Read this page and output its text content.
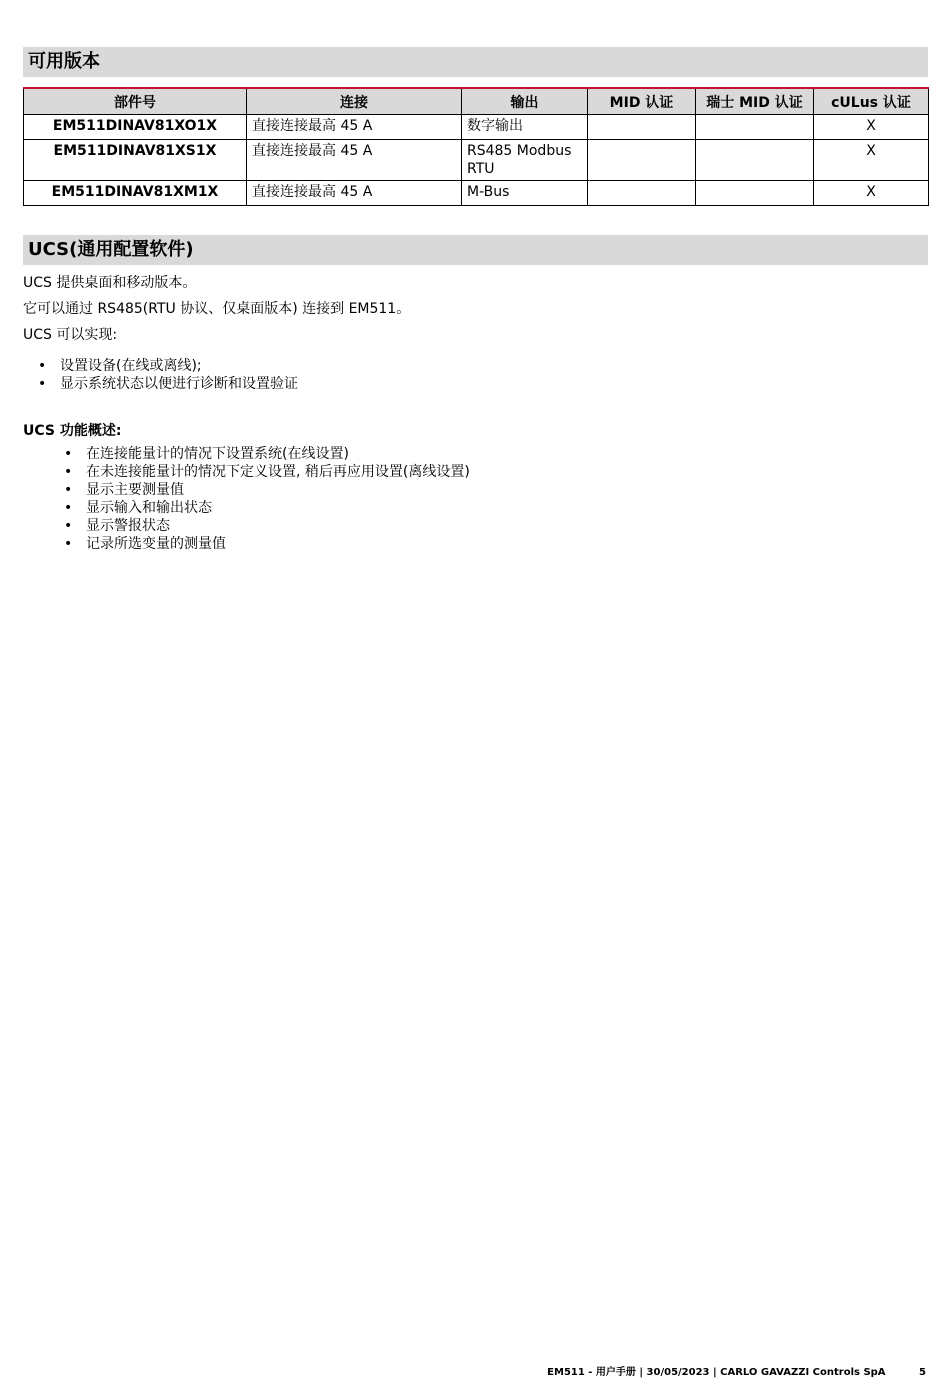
可用版本
部件号	连接	输出	MID 认证	瑞士 MID 认证	cULus 认证
EM511DINAV81XO1X	直接连接最高 45 A	数字输出			X
EM511DINAV81XS1X	直接连接最高 45 A	RS485 Modbus RTU			X
EM511DINAV81XM1X	直接连接最高 45 A	M-Bus			X
UCS(通用配置软件)
UCS 提供桌面和移动版本。
它可以通过 RS485(RTU 协议、仅桌面版本) 连接到 EM511。
UCS 可以实现:
• 设置设备(在线或离线);
• 显示系统状态以便进行诊断和设置验证
UCS 功能概述:
• 在连接能量计的情况下设置系统(在线设置)
• 在未连接能量计的情况下定义设置, 稍后再应用设置(离线设置)
• 显示主要测量值
• 显示输入和输出状态
• 显示警报状态
• 记录所选变量的测量值
EM511 - 用户手册 | 30/05/2023 | CARLO GAVAZZI Controls SpA	5
